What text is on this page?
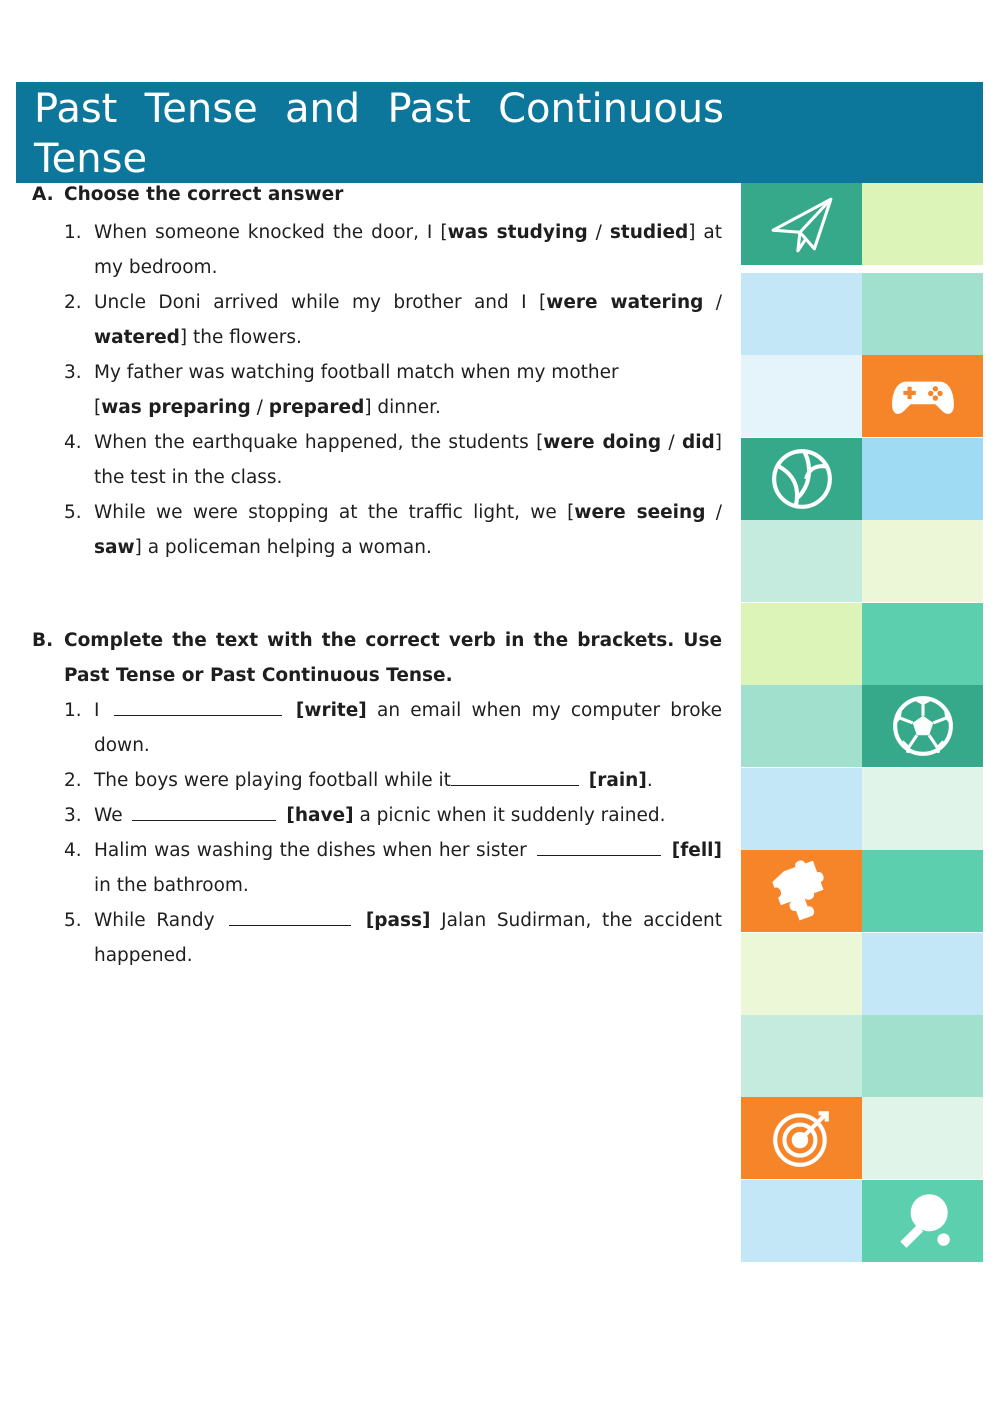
Past Tense and Past Continuous Tense
A. Choose the correct answer
1. When someone knocked the door, I [was studying / studied] at my bedroom.
2. Uncle Doni arrived while my brother and I [were watering / watered] the flowers.
3. My father was watching football match when my mother
[was preparing / prepared] dinner.
4. When the earthquake happened, the students [were doing / did] the test in the class.
5. While we were stopping at the traffic light, we [were seeing / saw] a policeman helping a woman.
B. Complete the text with the correct verb in the brackets. Use Past Tense or Past Continuous Tense.
1. I	[write] an email when my computer broke down.
2. The boys were playing football while it	[rain].
3. We	[have] a picnic when it suddenly rained.
4. Halim was washing the dishes when her sister	[fell] in the bathroom.
5. While Randy	[pass] Jalan Sudirman, the accident happened.
